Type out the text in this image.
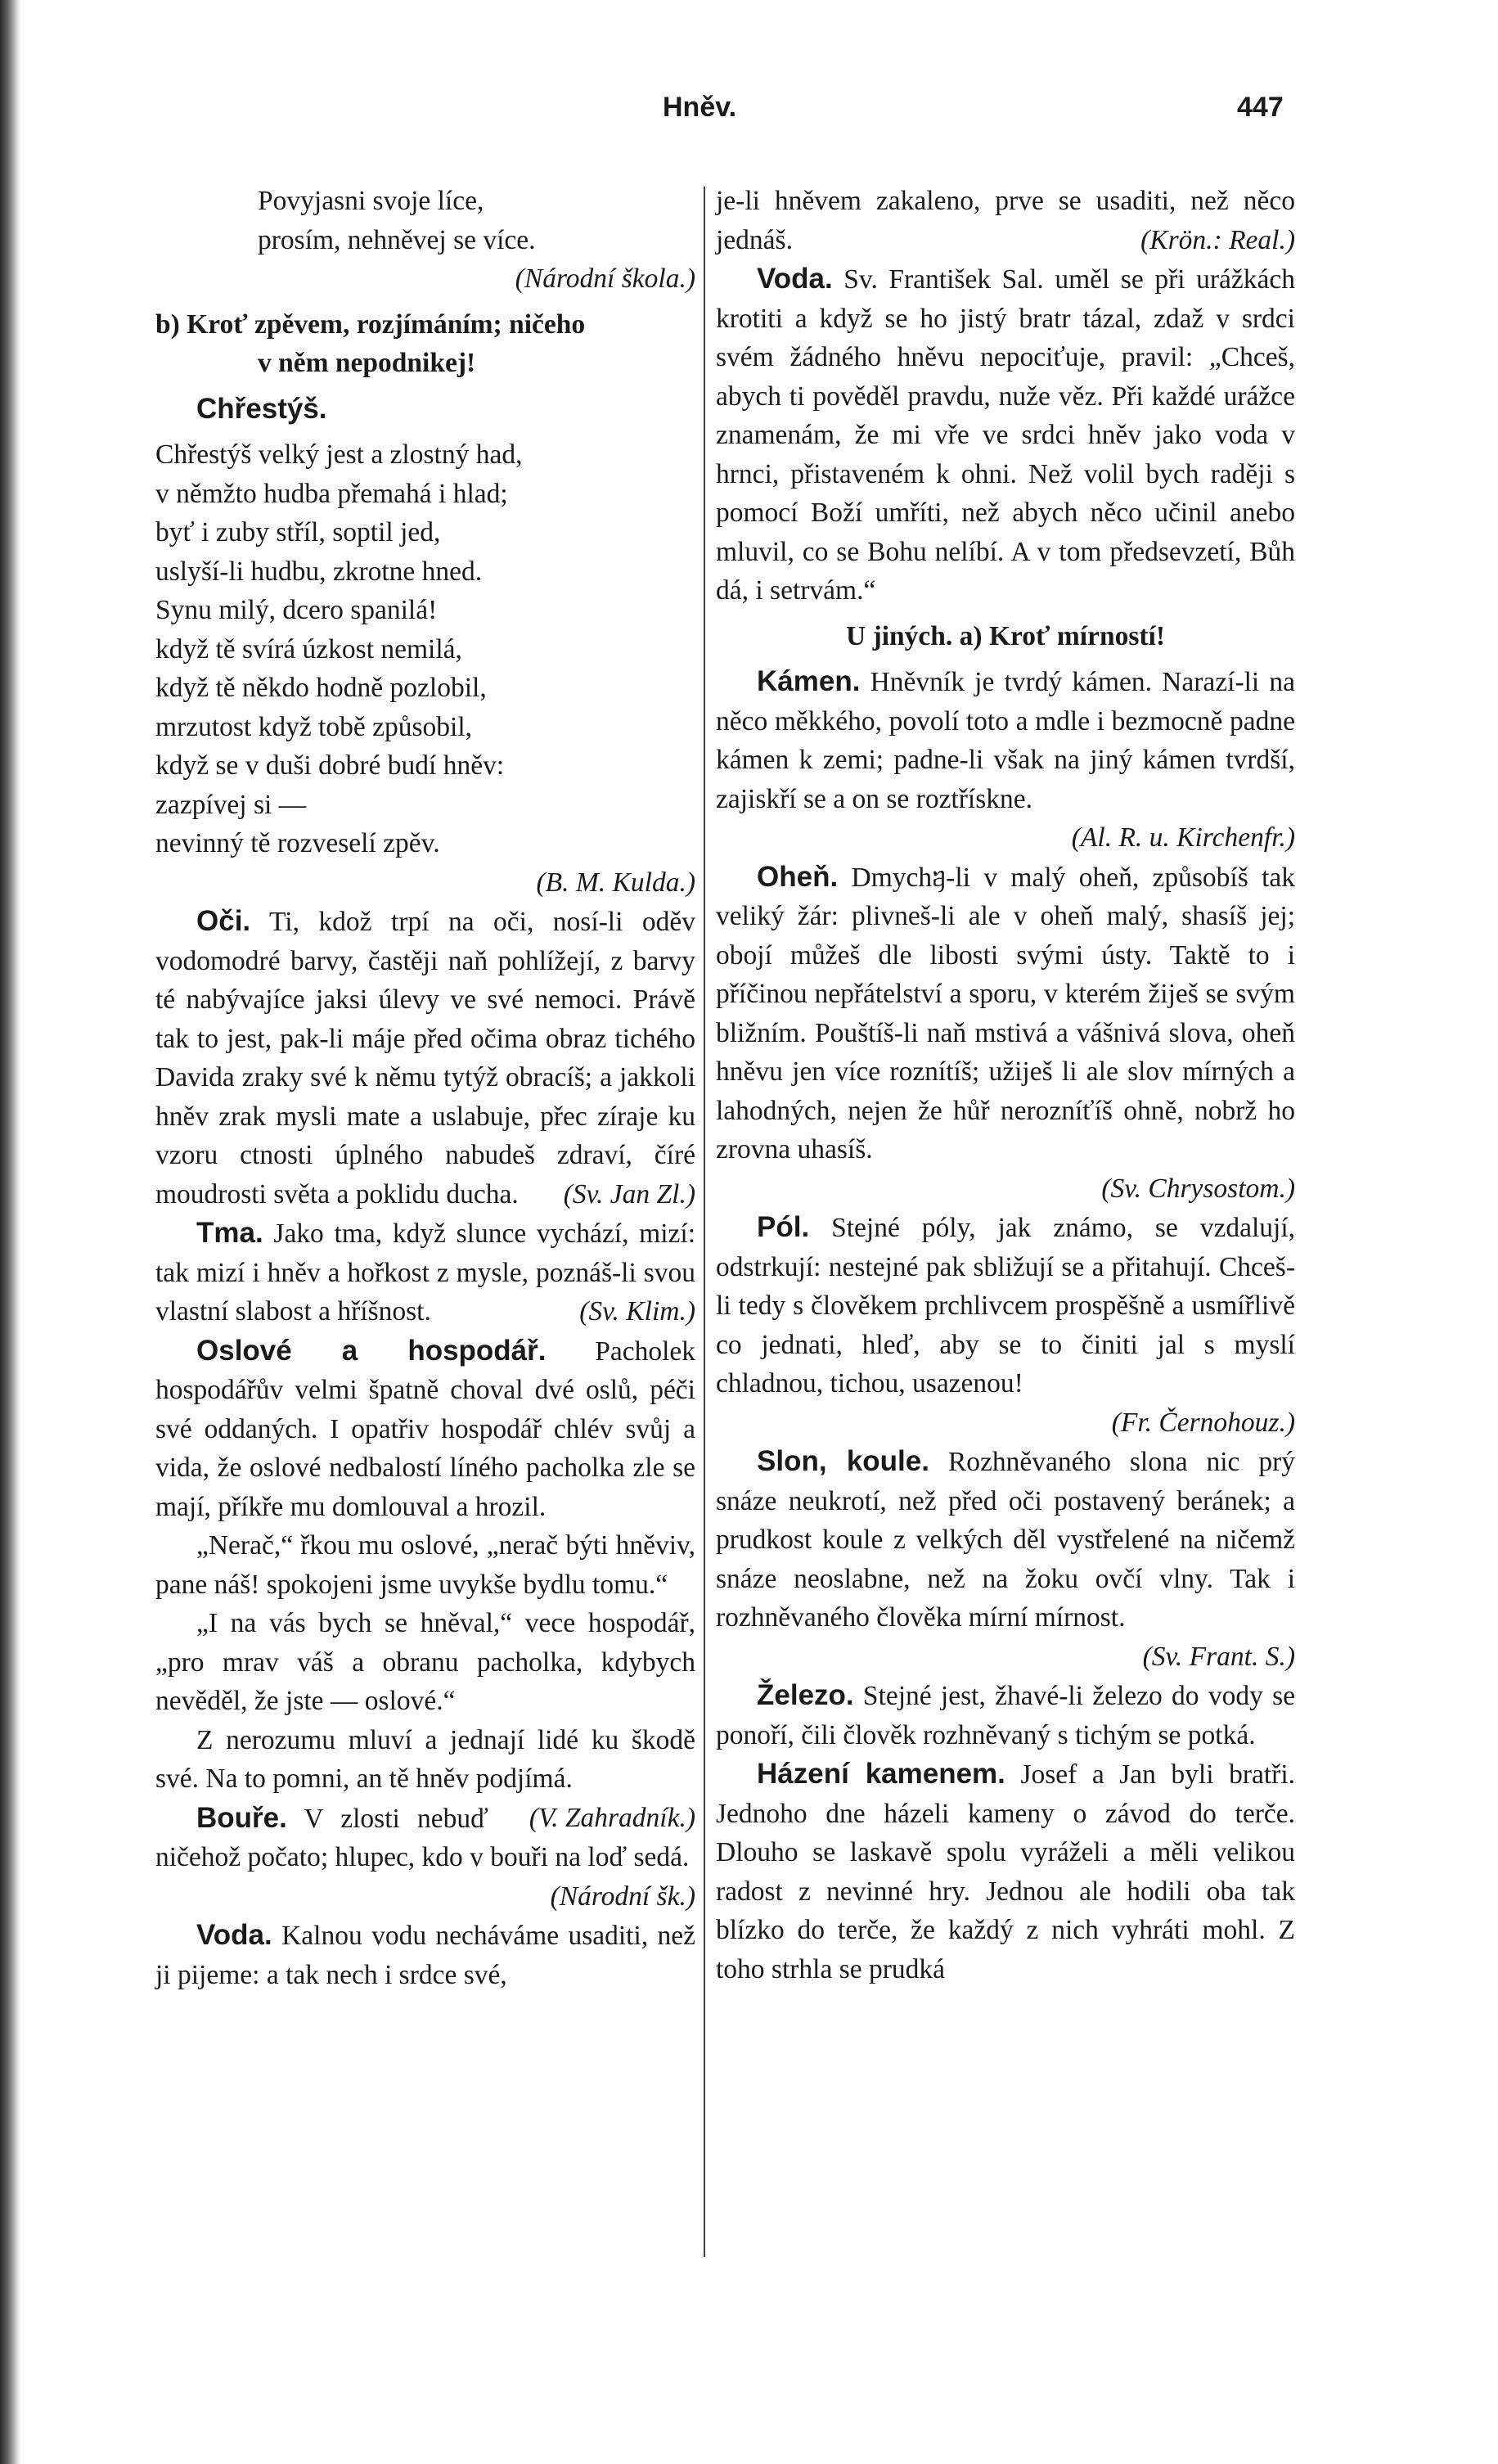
Hněv.	447
Povyjasni svoje líce,
prosím, nehněvej se více.

(Národní škola.)

b) Kroť zpěvem, rozjímáním; ničeho
v něm nepodnikej!

Chřestýš.

Chřestýš velký jest a zlostný had,
v němžto hudba přemahá i hlad;
byť i zuby stříl, soptil jed,
uslyší-li hudbu, zkrotne hned.
Synu milý, dcero spanilá!
když tě svírá úzkost nemilá,
když tě někdo hodně pozlobil,
mrzutost když tobě způsobil,
když se v duši dobré budí hněv:
zazpívej si —
nevinný tě rozveselí zpěv.

(B. M. Kulda.)

Oči. Ti, kdož trpí na oči, nosí-li oděv vodomodré barvy, častěji naň pohlížejí, z barvy té nabývajíce jaksi úlevy ve své nemoci. Právě tak to jest, pak-li máje před očima obraz tichého Davida zraky své k němu tytýž obracíš; a jakkoli hněv zrak mysli mate a uslabuje, přec zíraje ku vzoru ctnosti úplného nabudeš zdraví, číré moudrosti světa a poklidu ducha.	(Sv. Jan Zl.)

Tma. Jako tma, když slunce vychází, mizí: tak mizí i hněv a hořkost z mysle, poznáš-li svou vlastní slabost a hříšnost.	(Sv. Klim.)

Oslové a hospodář. Pacholek hospodářův velmi špatně choval dvé oslů, péči své oddaných. I opatřiv hospodář chlév svůj a vida, že oslové nedbalostí líného pacholka zle se mají, příkře mu domlouval a hrozil.

„Nerač,“ řkou mu oslové, „nerač býti hněviv, pane náš! spokojeni jsme uvykše bydlu tomu.“

„I na vás bych se hněval,“ vece hospodář, „pro mrav váš a obranu pacholka, kdybych nevěděl, že jste — oslové.“

Z nerozumu mluví a jednají lidé ku škodě své. Na to pomni, an tě hněv podjímá.
(V. Zahradník.)

Bouře. V zlosti nebuď ničehož počato; hlupec, kdo v bouři na loď sedá.

(Národní šk.)

Voda. Kalnou vodu necháváme usaditi, než ji pijeme: a tak nech i srdce své,

je-li hněvem zakaleno, prve se usaditi, než něco jednáš.	(Krön.: Real.)

Voda. Sv. František Sal. uměl se při urážkách krotiti a když se ho jistý bratr tázal, zdaž v srdci svém žádného hněvu nepociťuje, pravil: „Chceš, abych ti pověděl pravdu, nuže věz. Při každé urážce znamenám, že mi vře ve srdci hněv jako voda v hrnci, přistaveném k ohni. Než volil bych raději s pomocí Boží umříti, než abych něco učinil anebo mluvil, co se Bohu nelíbí. A v tom předsevzetí, Bůh dá, i setrvám.“

U jiných. a) Kroť mírností!

Kámen. Hněvník je tvrdý kámen. Narazí-li na něco měkkého, povolí toto a mdle i bezmocně padne kámen k zemi; padne-li však na jiný kámen tvrdší, zajiskří se a on se roztřískne.

(Al. R. u. Kirchenfr.)

Oheň. Dmychᥠ-li v malý oheň, způsobíš tak veliký žár: plivneš-li ale v oheň malý, shasíš jej; obojí můžeš dle libosti svými ústy. Taktě to i příčinou nepřátelství a sporu, v kterém žiješ se svým bližním. Pouštíš-li naň mstivá a vášnivá slova, oheň hněvu jen více roznítíš; užiješ li ale slov mírných a lahodných, nejen že hůř nerozníťíš ohně, nobrž ho zrovna uhasíš.

(Sv. Chrysostom.)

Pól. Stejné póly, jak známo, se vzdalují, odstrkují: nestejné pak sbližují se a přitahují. Chceš-li tedy s člověkem prchlivcem prospěšně a usmířlivě co jednati, hleď, aby se to činiti jal s myslí chladnou, tichou, usazenou!

(Fr. Černohouz.)

Slon, koule. Rozhněvaného slona nic prý snáze neukrotí, než před oči postavený beránek; a prudkost koule z velkých děl vystřelené na ničemž snáze neoslabne, než na žoku ovčí vlny. Tak i rozhněvaného člověka mírní mírnost.

(Sv. Frant. S.)

Železo. Stejné jest, žhavé-li železo do vody se ponoří, čili člověk rozhněvaný s tichým se potká.

Házení kamenem. Josef a Jan byli bratři. Jednoho dne házeli kameny o závod do terče. Dlouho se laskavě spolu vyráželi a měli velikou radost z nevinné hry. Jednou ale hodili oba tak blízko do terče, že každý z nich vyhráti mohl. Z toho strhla se prudká
